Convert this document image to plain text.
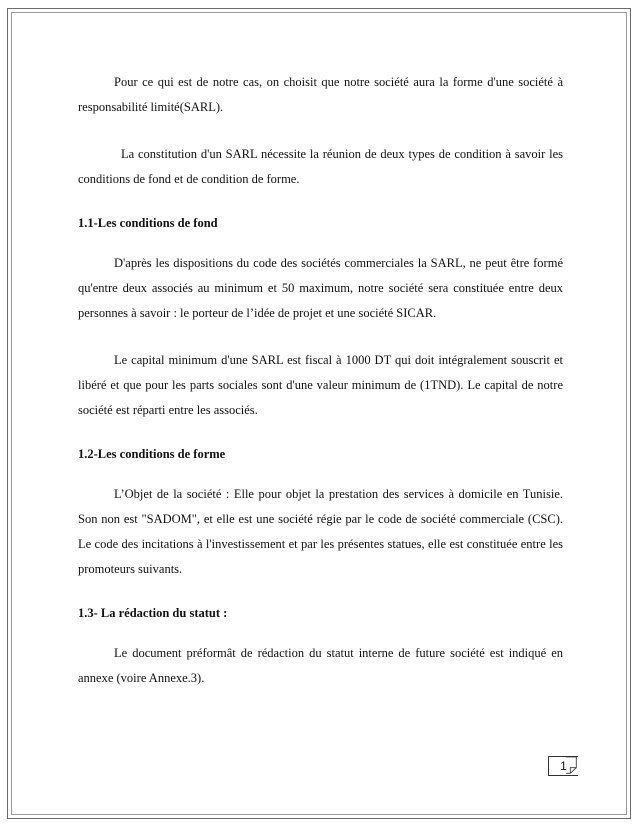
Pour ce qui est de notre cas, on choisit que notre société aura la forme d'une société à responsabilité limité(SARL).

La constitution d'un SARL nécessite la réunion de deux types de condition à savoir les conditions de fond et de condition de forme.

1.1-Les conditions de fond

D'après les dispositions du code des sociétés commerciales la SARL, ne peut être formé qu'entre deux associés au minimum et 50 maximum, notre société sera constituée entre deux personnes à savoir : le porteur de l’idée de projet et une société SICAR.

Le capital minimum d'une SARL est fiscal à 1000 DT qui doit intégralement souscrit et libéré et que pour les parts sociales sont d'une valeur minimum de (1TND). Le capital de notre société est réparti entre les associés.

1.2-Les conditions de forme

L’Objet de la société : Elle pour objet la prestation des services à domicile en Tunisie. Son non est "SADOM", et elle est une société régie par le code de société commerciale (CSC). Le code des incitations à l'investissement et par les présentes statues, elle est constituée entre les promoteurs suivants.

1.3- La rédaction du statut :

Le document préformât de rédaction du statut interne de future société est indiqué en annexe (voire Annexe.3).

1
